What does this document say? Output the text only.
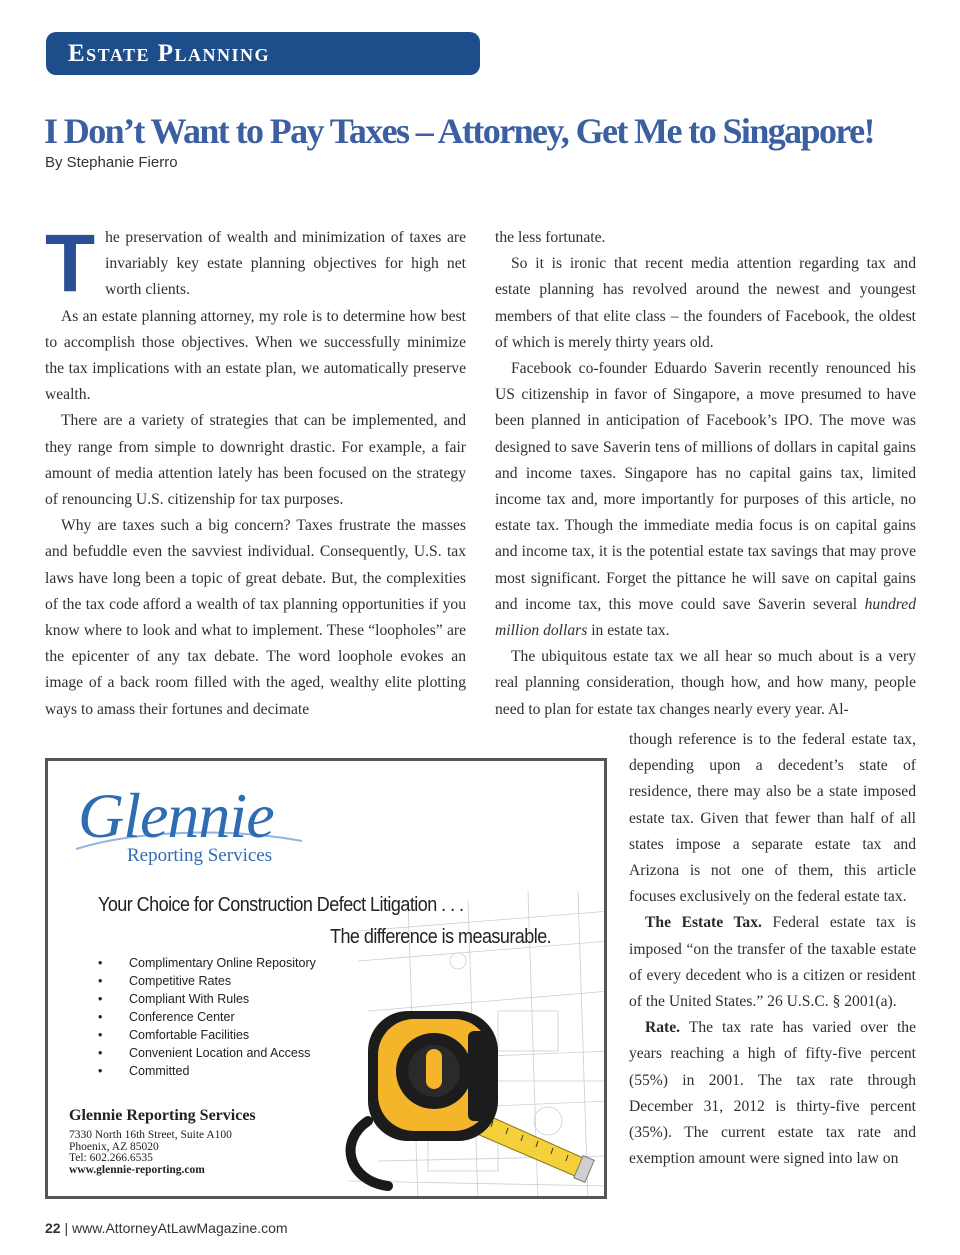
Estate Planning
I Don’t Want to Pay Taxes – Attorney, Get Me to Singapore!
By Stephanie Fierro

The preservation of wealth and minimization of taxes are invariably key estate planning objectives for high net worth clients.

As an estate planning attorney, my role is to determine how best to accomplish those objectives. When we successfully minimize the tax implications with an estate plan, we automatically preserve wealth.

There are a variety of strategies that can be implemented, and they range from simple to downright drastic. For example, a fair amount of media attention lately has been focused on the strategy of renouncing U.S. citizenship for tax purposes.

Why are taxes such a big concern? Taxes frustrate the masses and befuddle even the savviest individual. Consequently, U.S. tax laws have long been a topic of great debate. But, the complexities of the tax code afford a wealth of tax planning opportunities if you know where to look and what to implement. These “loopholes” are the epicenter of any tax debate. The word loophole evokes an image of a back room filled with the aged, wealthy elite plotting ways to amass their fortunes and decimate

the less fortunate.

So it is ironic that recent media attention regarding tax and estate planning has revolved around the newest and youngest members of that elite class – the founders of Facebook, the oldest of which is merely thirty years old.

Facebook co-founder Eduardo Saverin recently renounced his US citizenship in favor of Singapore, a move presumed to have been planned in anticipation of Facebook’s IPO. The move was designed to save Saverin tens of millions of dollars in capital gains and income taxes. Singapore has no capital gains tax, limited income tax and, more importantly for purposes of this article, no estate tax. Though the immediate media focus is on capital gains and income tax, it is the potential estate tax savings that may prove most significant. Forget the pittance he will save on capital gains and income tax, this move could save Saverin several hundred million dollars in estate tax.

The ubiquitous estate tax we all hear so much about is a very real planning consideration, though how, and how many, people need to plan for estate tax changes nearly every year. Al-

though reference is to the federal estate tax, depending upon a decedent’s state of residence, there may also be a state imposed estate tax. Given that fewer than half of all states impose a separate estate tax and Arizona is not one of them, this article focuses exclusively on the federal estate tax.

The Estate Tax. Federal estate tax is imposed “on the transfer of the taxable estate of every decedent who is a citizen or resident of the United States.” 26 U.S.C. § 2001(a).

Rate. The tax rate has varied over the years reaching a high of fifty-five percent (55%) in 2001. The tax rate through December 31, 2012 is thirty-five percent (35%). The current estate tax rate and exemption amount were signed into law on

Glennie
Reporting Services
Your Choice for Construction Defect Litigation . . .
The difference is measurable.
•	Complimentary Online Repository
•	Competitive Rates
•	Compliant With Rules
•	Conference Center
•	Comfortable Facilities
•	Convenient Location and Access
•	Committed
Glennie Reporting Services
7330 North 16th Street, Suite A100
Phoenix, AZ 85020
Tel: 602.266.6535
www.glennie-reporting.com
22 | www.AttorneyAtLawMagazine.com
